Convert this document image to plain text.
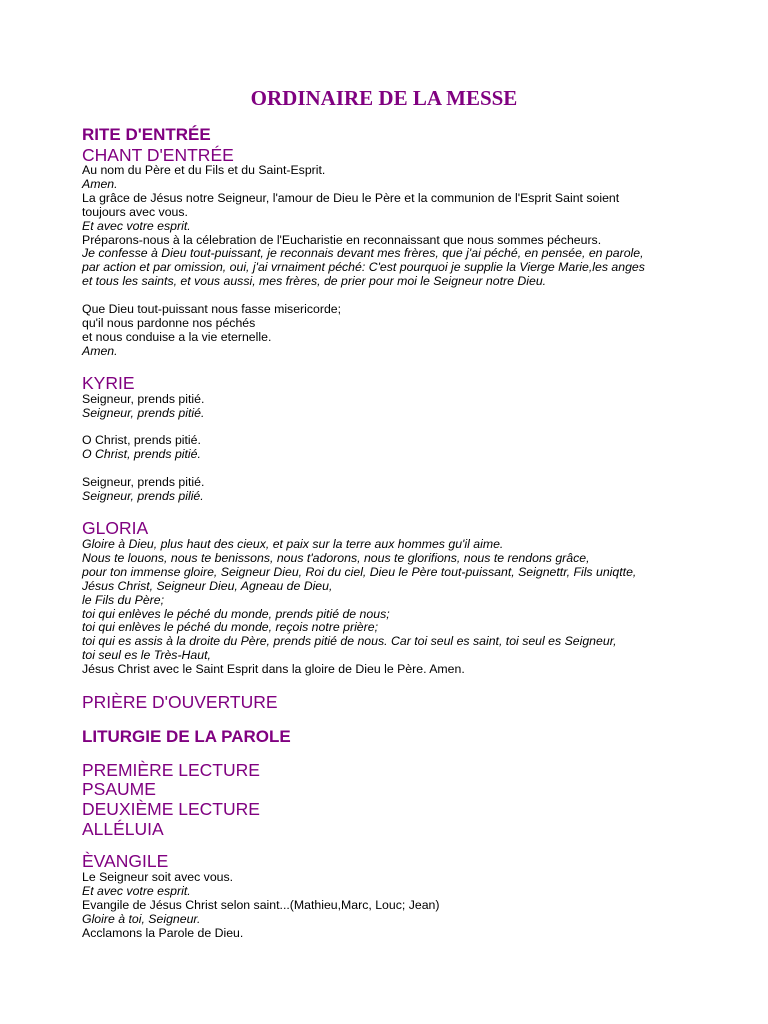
ORDINAIRE DE LA MESSE
RITE D'ENTRÉE
CHANT D'ENTRÉE
Au nom du Père et du Fils et du Saint-Esprit.
Amen.
La grâce de Jésus notre Seigneur, l'amour de Dieu le Père et la communion de l'Esprit Saint soient
toujours avec vous.
Et avec votre esprit.
Préparons-nous à la célebration de l'Eucharistie en reconnaissant que nous sommes pécheurs.
Je confesse à Dieu tout-puissant, je reconnais devant mes frères, que j'ai péché, en pensée, en parole,
par action et par omission, oui, j'ai vrnaiment péché: C'est pourquoi je supplie la Vierge Marie,les anges
et tous les saints, et vous aussi, mes frères, de prier pour moi le Seigneur notre Dieu.
Que Dieu tout-puissant nous fasse misericorde;
qu'il nous pardonne nos péchés
et nous conduise a la vie eternelle.
Amen.
KYRIE
Seigneur, prends pitié.
Seigneur, prends pitié.
O Christ, prends pitié.
O Christ, prends pitié.
Seigneur, prends pitié.
Seigneur, prends pilié.
GLORIA
Gloire à Dieu, plus haut des cieux, et paix sur la terre aux hommes gu'il aime.
Nous te louons, nous te benissons, nous t'adorons, nous te glorifions, nous te rendons grâce,
pour ton immense gloire, Seigneur Dieu, Roi du ciel, Dieu le Père tout-puissant, Seignettr, Fils uniqtte,
Jésus Christ, Seigneur Dieu, Agneau de Dieu,
le Fils du Père;
toi qui enlèves le péché du monde, prends pitié de nous;
toi qui enlèves le péché du monde, reçois notre prière;
toi qui es assis à la droite du Père, prends pitié de nous. Car toi seul es saint, toi seul es Seigneur,
toi seul es le Très-Haut,
Jésus Christ avec le Saint Esprit dans la gloire de Dieu le Père. Amen.
PRIÈRE D'OUVERTURE
LITURGIE DE LA PAROLE
PREMIÈRE LECTURE
PSAUME
DEUXIÈME LECTURE
ALLÉLUIA
ÈVANGILE
Le Seigneur soit avec vous.
Et avec votre esprit.
Evangile de Jésus Christ selon saint...(Mathieu,Marc, Louc; Jean)
Gloire à toi, Seigneur.
Acclamons la Parole de Dieu.
